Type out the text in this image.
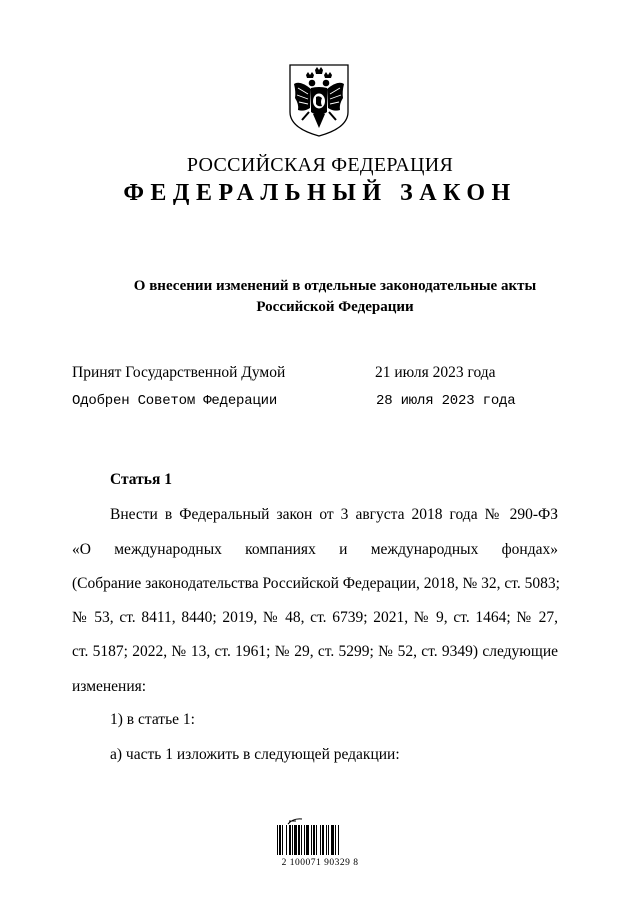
РОССИЙСКАЯ ФЕДЕРАЦИЯ
ФЕДЕРАЛЬНЫЙ ЗАКОН
О внесении изменений в отдельные законодательные акты
Российской Федерации
Принят Государственной Думой	21 июля 2023 года
Одобрен Советом Федерации	28 июля 2023 года
Статья 1
Внести в Федеральный закон от 3 августа 2018 года № 290-ФЗ
«О международных компаниях и международных фондах»
(Собрание законодательства Российской Федерации, 2018, № 32, ст. 5083;
№ 53, ст. 8411, 8440; 2019, № 48, ст. 6739; 2021, № 9, ст. 1464; № 27,
ст. 5187; 2022, № 13, ст. 1961; № 29, ст. 5299; № 52, ст. 9349) следующие
изменения:
1) в статье 1:
а) часть 1 изложить в следующей редакции:
2 100071 90329 8
